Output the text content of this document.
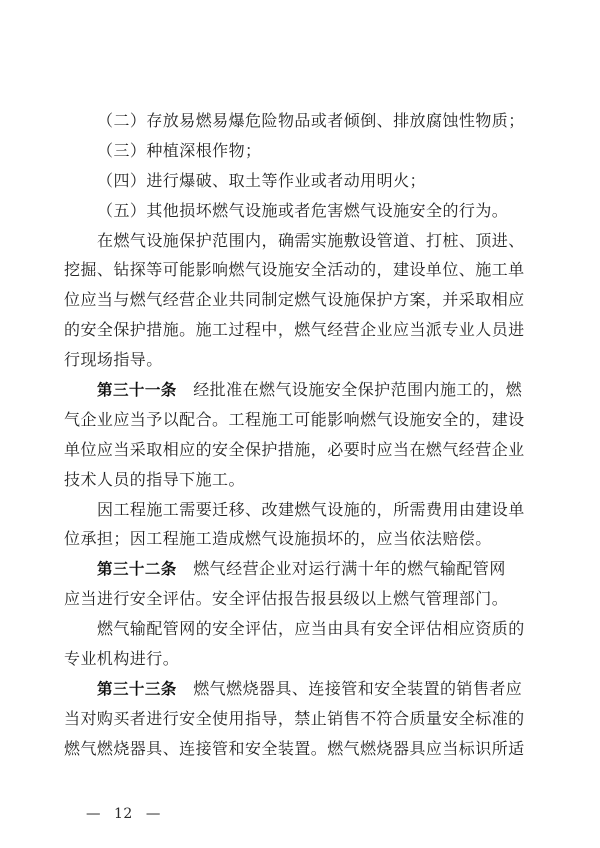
（二）存放易燃易爆危险物品或者倾倒、排放腐蚀性物质；
（三）种植深根作物；
（四）进行爆破、取土等作业或者动用明火；
（五）其他损坏燃气设施或者危害燃气设施安全的行为。
在燃气设施保护范围内，确需实施敷设管道、打桩、顶进、
挖掘、钻探等可能影响燃气设施安全活动的，建设单位、施工单
位应当与燃气经营企业共同制定燃气设施保护方案，并采取相应
的安全保护措施。施工过程中，燃气经营企业应当派专业人员进
行现场指导。
第三十一条　经批准在燃气设施安全保护范围内施工的，燃
气企业应当予以配合。工程施工可能影响燃气设施安全的，建设
单位应当采取相应的安全保护措施，必要时应当在燃气经营企业
技术人员的指导下施工。
因工程施工需要迁移、改建燃气设施的，所需费用由建设单
位承担；因工程施工造成燃气设施损坏的，应当依法赔偿。
第三十二条　燃气经营企业对运行满十年的燃气输配管网
应当进行安全评估。安全评估报告报县级以上燃气管理部门。
燃气输配管网的安全评估，应当由具有安全评估相应资质的
专业机构进行。
第三十三条　燃气燃烧器具、连接管和安全装置的销售者应
当对购买者进行安全使用指导，禁止销售不符合质量安全标准的
燃气燃烧器具、连接管和安全装置。燃气燃烧器具应当标识所适
— 12 —
